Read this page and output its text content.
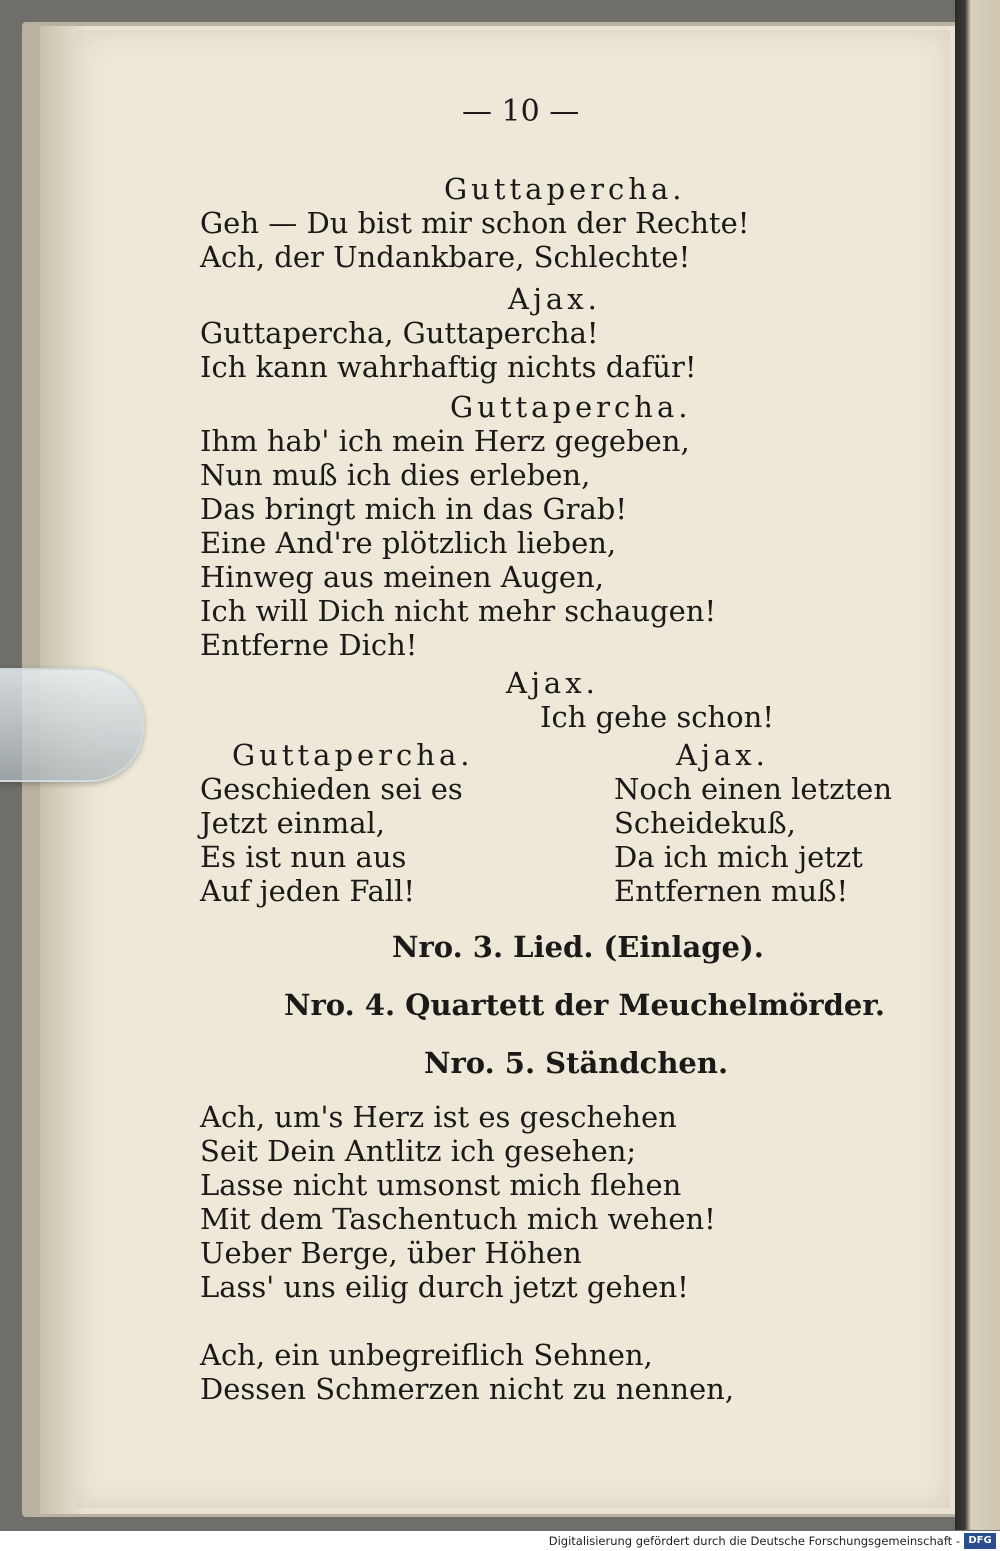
— 10 —
Guttapercha.
Geh — Du bist mir schon der Rechte!
Ach, der Undankbare, Schlechte!
Ajax.
Guttapercha, Guttapercha!
Ich kann wahrhaftig nichts dafür!
Guttapercha.
Ihm hab' ich mein Herz gegeben,
Nun muß ich dies erleben,
Das bringt mich in das Grab!
Eine And're plötzlich lieben,
Hinweg aus meinen Augen,
Ich will Dich nicht mehr schaugen!
Entferne Dich!
Ajax.
Ich gehe schon!
Guttapercha.	Ajax.
Geschieden sei es
Jetzt einmal,
Es ist nun aus
Auf jeden Fall!
Noch einen letzten
Scheidekuß,
Da ich mich jetzt
Entfernen muß!
Nro. 3. Lied. (Einlage).
Nro. 4. Quartett der Meuchelmörder.
Nro. 5. Ständchen.
Ach, um's Herz ist es geschehen
Seit Dein Antlitz ich gesehen;
Lasse nicht umsonst mich flehen
Mit dem Taschentuch mich wehen!
Ueber Berge, über Höhen
Lass' uns eilig durch jetzt gehen!
Ach, ein unbegreiflich Sehnen,
Dessen Schmerzen nicht zu nennen,
Digitalisierung gefördert durch die Deutsche Forschungsgemeinschaft - DFG
